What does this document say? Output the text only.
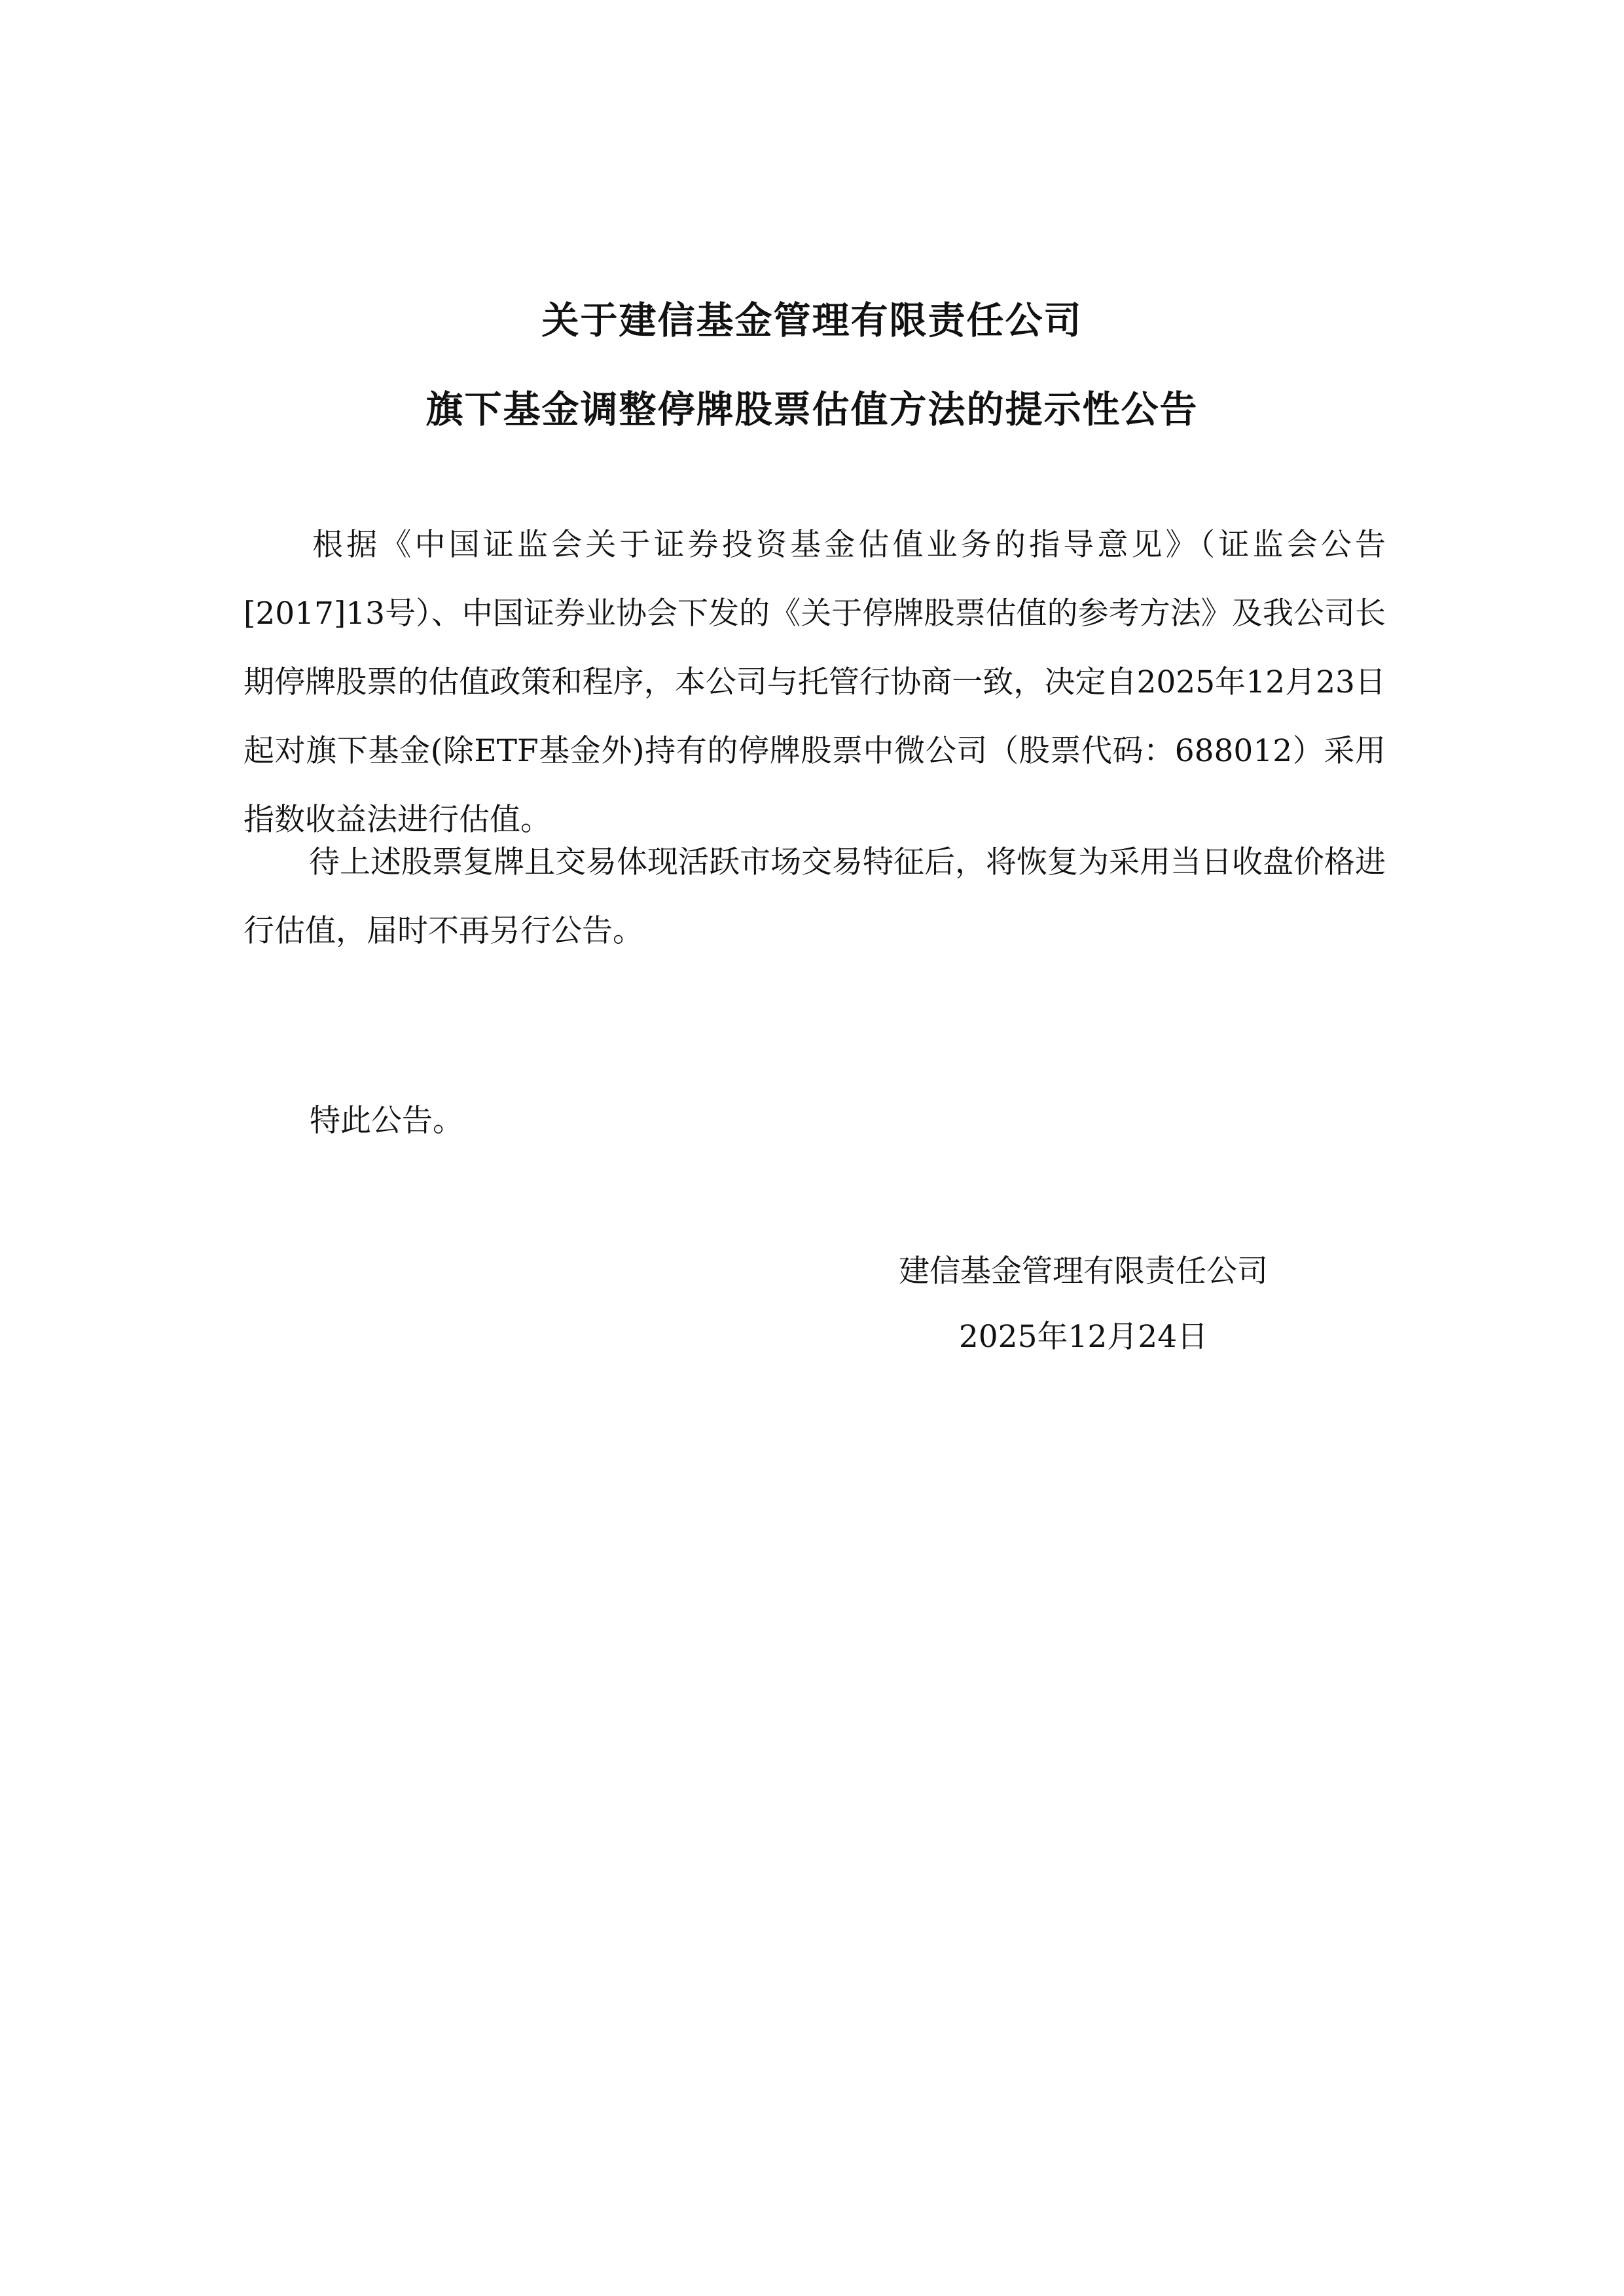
关于建信基金管理有限责任公司
旗下基金调整停牌股票估值方法的提示性公告
根据《中国证监会关于证券投资基金估值业务的指导意见》（证监会公告[2017]13号）、中国证券业协会下发的《关于停牌股票估值的参考方法》及我公司长期停牌股票的估值政策和程序，本公司与托管行协商一致，决定自2025年12月23日起对旗下基金(除ETF基金外)持有的停牌股票中微公司（股票代码：688012）采用指数收益法进行估值。
待上述股票复牌且交易体现活跃市场交易特征后，将恢复为采用当日收盘价格进行估值，届时不再另行公告。
特此公告。
建信基金管理有限责任公司
2025年12月24日
